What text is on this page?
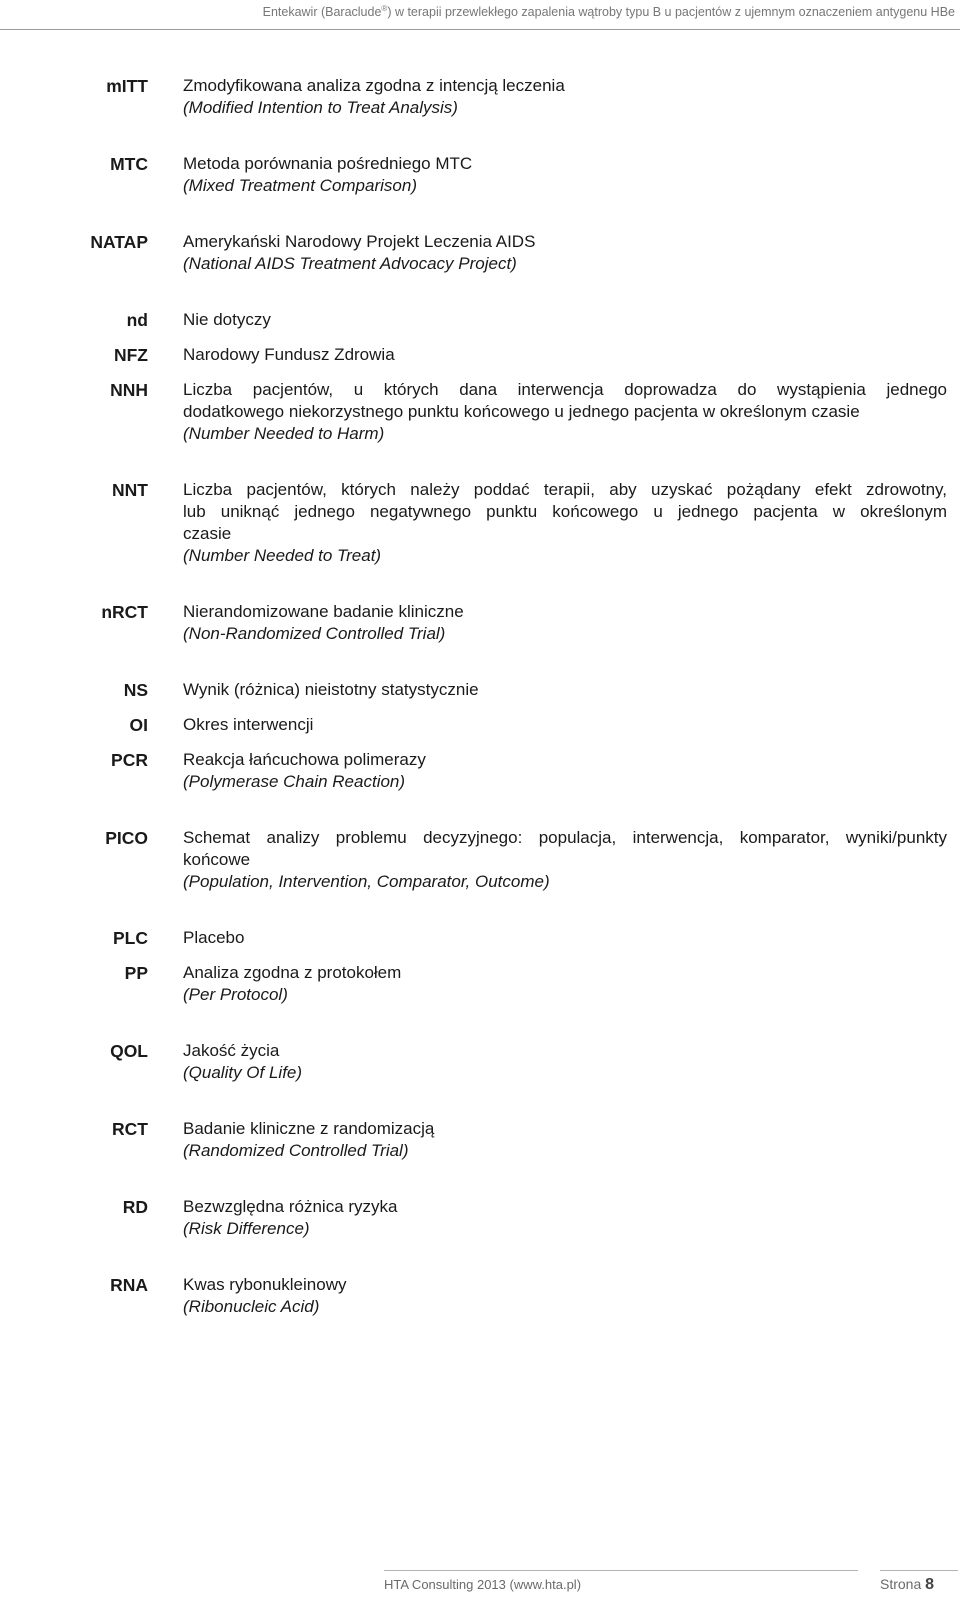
Entekawir (Baraclude®) w terapii przewlekłego zapalenia wątroby typu B u pacjentów z ujemnym oznaczeniem antygenu HBe
mITT Zmodyfikowana analiza zgodna z intencją leczenia
(Modified Intention to Treat Analysis)
MTC Metoda porównania pośredniego MTC
(Mixed Treatment Comparison)
NATAP Amerykański Narodowy Projekt Leczenia AIDS
(National AIDS Treatment Advocacy Project)
nd Nie dotyczy
NFZ Narodowy Fundusz Zdrowia
NNH Liczba pacjentów, u których dana interwencja doprowadza do wystąpienia jednego
dodatkowego niekorzystnego punktu końcowego u jednego pacjenta w określonym czasie
(Number Needed to Harm)
NNT Liczba pacjentów, których należy poddać terapii, aby uzyskać pożądany efekt zdrowotny,
lub uniknąć jednego negatywnego punktu końcowego u jednego pacjenta w określonym
czasie
(Number Needed to Treat)
nRCT Nierandomizowane badanie kliniczne
(Non-Randomized Controlled Trial)
NS Wynik (różnica) nieistotny statystycznie
OI Okres interwencji
PCR Reakcja łańcuchowa polimerazy
(Polymerase Chain Reaction)
PICO Schemat analizy problemu decyzyjnego: populacja, interwencja, komparator, wyniki/punkty
końcowe
(Population, Intervention, Comparator, Outcome)
PLC Placebo
PP Analiza zgodna z protokołem
(Per Protocol)
QOL Jakość życia
(Quality Of Life)
RCT Badanie kliniczne z randomizacją
(Randomized Controlled Trial)
RD Bezwzględna różnica ryzyka
(Risk Difference)
RNA Kwas rybonukleinowy
(Ribonucleic Acid)
HTA Consulting 2013 (www.hta.pl)	Strona 8
